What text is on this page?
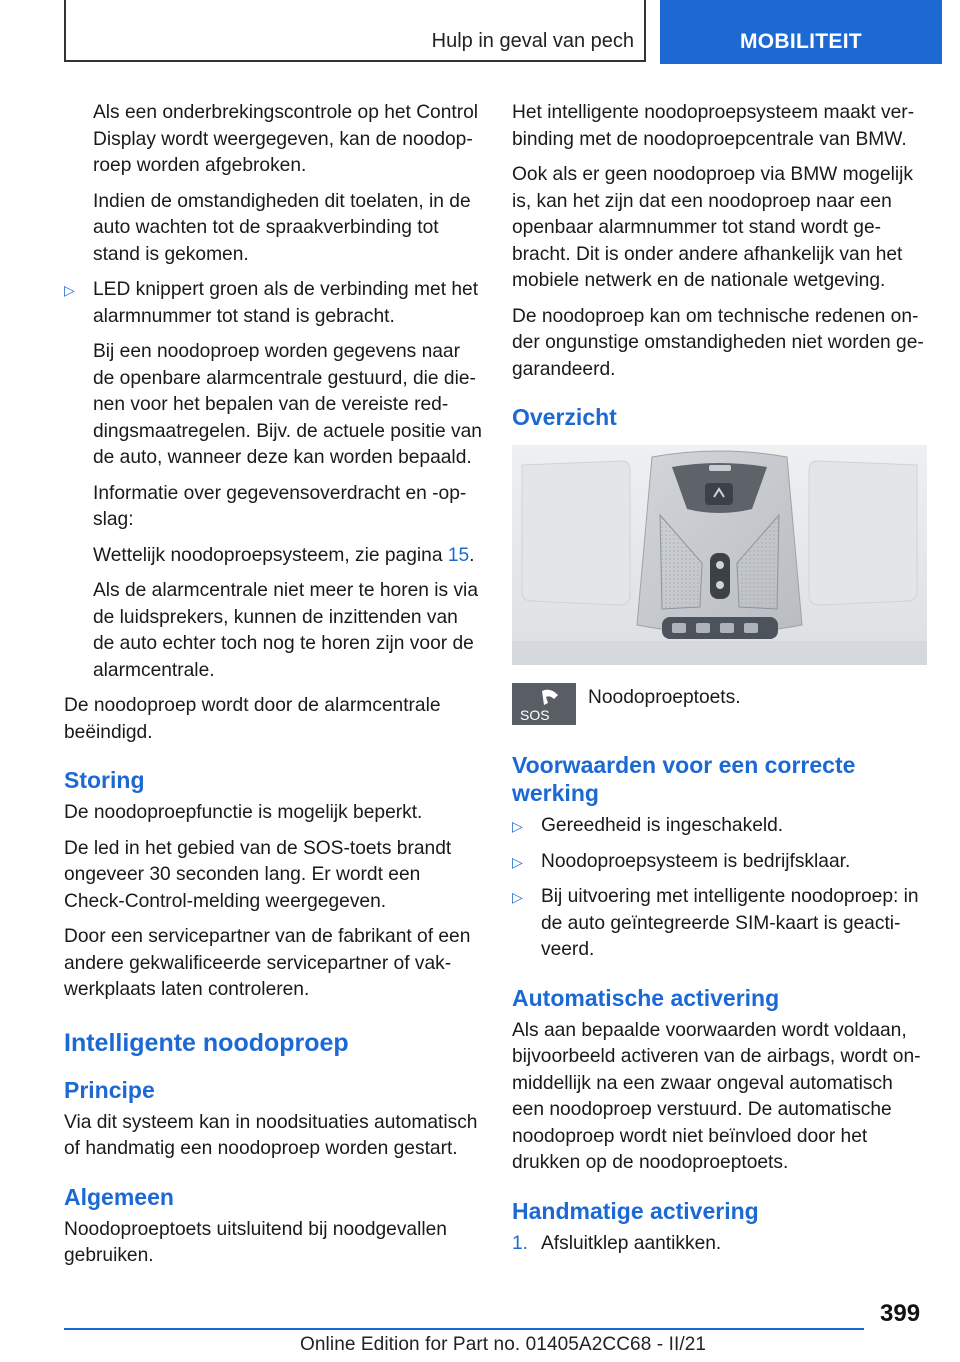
Hulp in geval van pech	MOBILITEIT

Als een onderbrekingscontrole op het Control Display wordt weergegeven, kan de noodoproep worden afgebroken.

Indien de omstandigheden dit toelaten, in de auto wachten tot de spraakverbinding tot stand is gekomen.

▷ LED knippert groen als de verbinding met het alarmnummer tot stand is gebracht.

Bij een noodoproep worden gegevens naar de openbare alarmcentrale gestuurd, die dienen voor het bepalen van de vereiste reddingsmaatregelen. Bijv. de actuele positie van de auto, wanneer deze kan worden bepaald.

Informatie over gegevensoverdracht en -opslag:

Wettelijk noodoproepsysteem, zie pagina 15.

Als de alarmcentrale niet meer te horen is via de luidsprekers, kunnen de inzittenden van de auto echter toch nog te horen zijn voor de alarmcentrale.

De noodoproep wordt door de alarmcentrale beëindigd.

Storing

De noodoproepfunctie is mogelijk beperkt.

De led in het gebied van de SOS-toets brandt ongeveer 30 seconden lang. Er wordt een Check-Control-melding weergegeven.

Door een servicepartner van de fabrikant of een andere gekwalificeerde servicepartner of vakwerkplaats laten controleren.

Intelligente noodoproep
Principe

Via dit systeem kan in noodsituaties automatisch of handmatig een noodoproep worden gestart.

Algemeen

Noodoproeptoets uitsluitend bij noodgevallen gebruiken.

Het intelligente noodoproepsysteem maakt verbinding met de noodoproepcentrale van BMW.

Ook als er geen noodoproep via BMW mogelijk is, kan het zijn dat een noodoproep naar een openbaar alarmnummer tot stand wordt gebracht. Dit is onder andere afhankelijk van het mobiele netwerk en de nationale wetgeving.

De noodoproep kan om technische redenen onder ongunstige omstandigheden niet worden gegarandeerd.

Overzicht
SOS

Noodoproeptoets.

Voorwaarden voor een correcte werking

▷ Gereedheid is ingeschakeld.

▷ Noodoproepsysteem is bedrijfsklaar.

▷ Bij uitvoering met intelligente noodoproep: in de auto geïntegreerde SIM-kaart is geactiveerd.

Automatische activering

Als aan bepaalde voorwaarden wordt voldaan, bijvoorbeeld activeren van de airbags, wordt onmiddellijk na een zwaar ongeval automatisch een noodoproep verstuurd. De automatische noodoproep wordt niet beïnvloed door het drukken op de noodoproeptoets.

Handmatige activering

1. Afsluitklep aantikken.

399
Online Edition for Part no. 01405A2CC68 - II/21
